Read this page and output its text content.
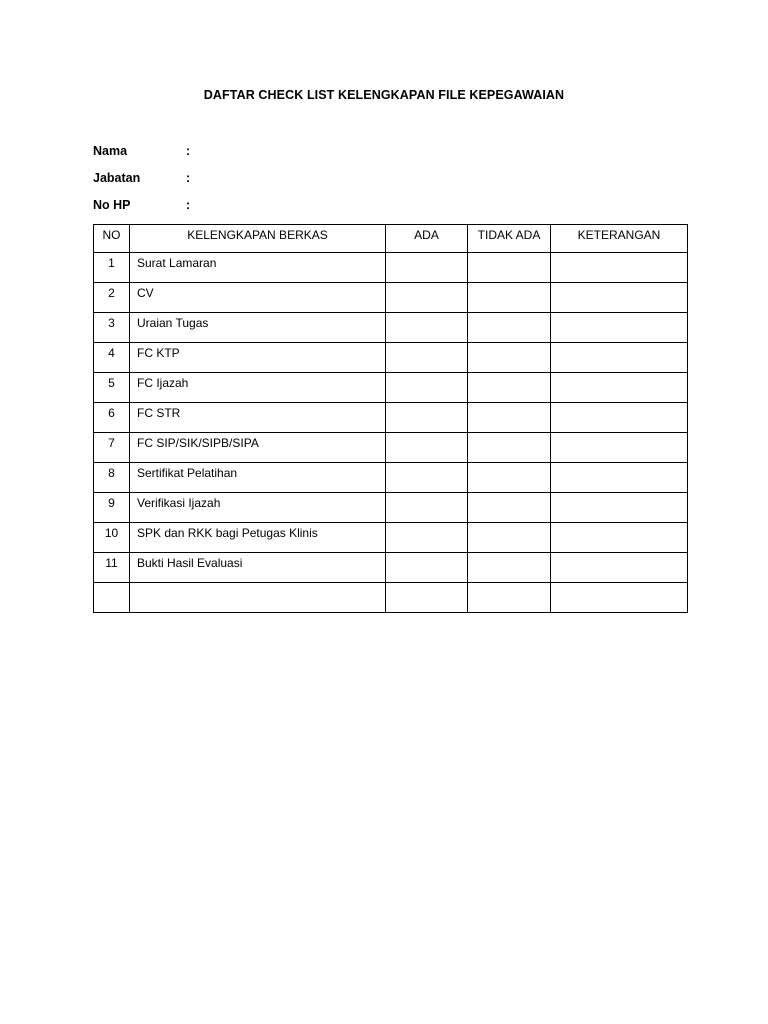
DAFTAR CHECK LIST KELENGKAPAN FILE KEPEGAWAIAN
Nama	:
Jabatan	:
No HP	:
NO	KELENGKAPAN BERKAS	ADA	TIDAK ADA	KETERANGAN
1	Surat Lamaran			
2	CV			
3	Uraian Tugas			
4	FC KTP			
5	FC Ijazah			
6	FC STR			
7	FC SIP/SIK/SIPB/SIPA			
8	Sertifikat Pelatihan			
9	Verifikasi Ijazah			
10	SPK dan RKK bagi Petugas Klinis			
11	Bukti Hasil Evaluasi			
